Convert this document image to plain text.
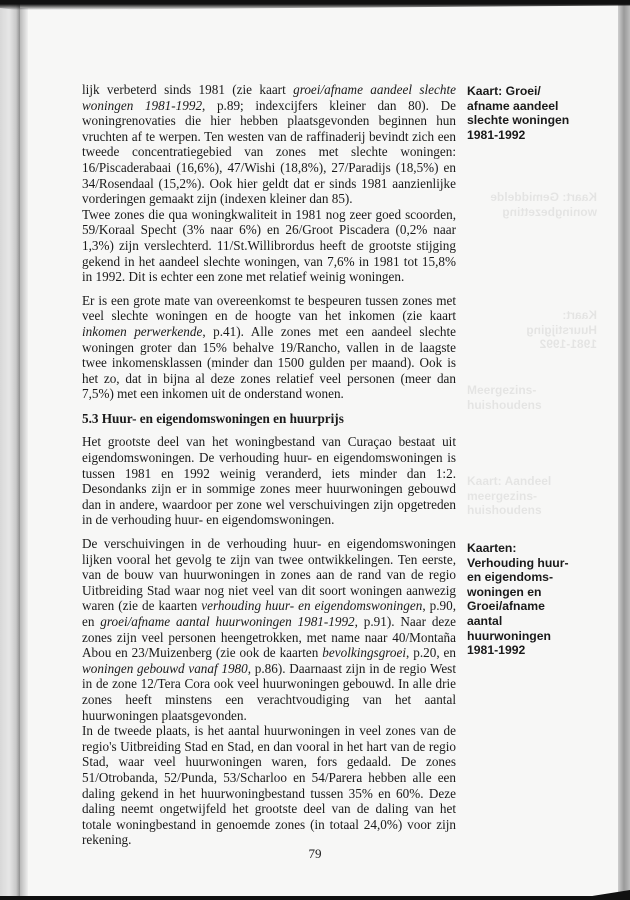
Kaart: Gemiddelde
woningbezetting
Kaart:
Huurstijging
1981-1992
Meergezins-
huishoudens
Kaart: Aandeel
meergezins-
huishoudens

lijk verbeterd sinds 1981 (zie kaart groei/afname aandeel slechte woningen 1981-1992, p.89; indexcijfers kleiner dan 80). De woningrenovaties die hier hebben plaatsgevonden beginnen hun vruchten af te werpen. Ten westen van de raffinaderij bevindt zich een tweede concentratiegebied van zones met slechte woningen: 16/Piscaderabaai (16,6%), 47/Wishi (18,8%), 27/Paradijs (18,5%) en 34/Rosendaal (15,2%). Ook hier geldt dat er sinds 1981 aanzienlijke vorderingen gemaakt zijn (indexen kleiner dan 85).

Twee zones die qua woningkwaliteit in 1981 nog zeer goed scoorden, 59/Koraal Specht (3% naar 6%) en 26/Groot Piscadera (0,2% naar 1,3%) zijn verslechterd. 11/St.Willibrordus heeft de grootste stijging gekend in het aandeel slechte woningen, van 7,6% in 1981 tot 15,8% in 1992. Dit is echter een zone met relatief weinig woningen.

Er is een grote mate van overeenkomst te bespeuren tussen zones met veel slechte woningen en de hoogte van het inkomen (zie kaart inkomen perwerkende, p.41). Alle zones met een aandeel slechte woningen groter dan 15% behalve 19/Rancho, vallen in de laagste twee inkomensklassen (minder dan 1500 gulden per maand). Ook is het zo, dat in bijna al deze zones relatief veel personen (meer dan 7,5%) met een inkomen uit de onderstand wonen.

5.3 Huur- en eigendomswoningen en huurprijs

Het grootste deel van het woningbestand van Curaçao bestaat uit eigendomswoningen. De verhouding huur- en eigendomswoningen is tussen 1981 en 1992 weinig veranderd, iets minder dan 1:2. Desondanks zijn er in sommige zones meer huurwoningen gebouwd dan in andere, waardoor per zone wel verschuivingen zijn opgetreden in de verhouding huur- en eigendomswoningen.

De verschuivingen in de verhouding huur- en eigendomswoningen lijken vooral het gevolg te zijn van twee ontwikkelingen. Ten eerste, van de bouw van huurwoningen in zones aan de rand van de regio Uitbreiding Stad waar nog niet veel van dit soort woningen aanwezig waren (zie de kaarten verhouding huur- en eigendomswoningen, p.90, en groei/afname aantal huurwoningen 1981-1992, p.91). Naar deze zones zijn veel personen heengetrokken, met name naar 40/Montaña Abou en 23/Muizenberg (zie ook de kaarten bevolkingsgroei, p.20, en woningen gebouwd vanaf 1980, p.86). Daarnaast zijn in de regio West in de zone 12/Tera Cora ook veel huurwoningen gebouwd. In alle drie zones heeft minstens een verachtvoudiging van het aantal huurwoningen plaatsgevonden.

In de tweede plaats, is het aantal huurwoningen in veel zones van de regio's Uitbreiding Stad en Stad, en dan vooral in het hart van de regio Stad, waar veel huurwoningen waren, fors gedaald. De zones 51/Otrobanda, 52/Punda, 53/Scharloo en 54/Parera hebben alle een daling gekend in het huurwoningbestand tussen 35% en 60%. Deze daling neemt ongetwijfeld het grootste deel van de daling van het totale woningbestand in genoemde zones (in totaal 24,0%) voor zijn rekening.

Kaart: Groei/
afname aandeel
slechte woningen
1981-1992
Kaarten:
Verhouding huur-
en eigendoms-
woningen en
Groei/afname
aantal
huurwoningen
1981-1992
79
